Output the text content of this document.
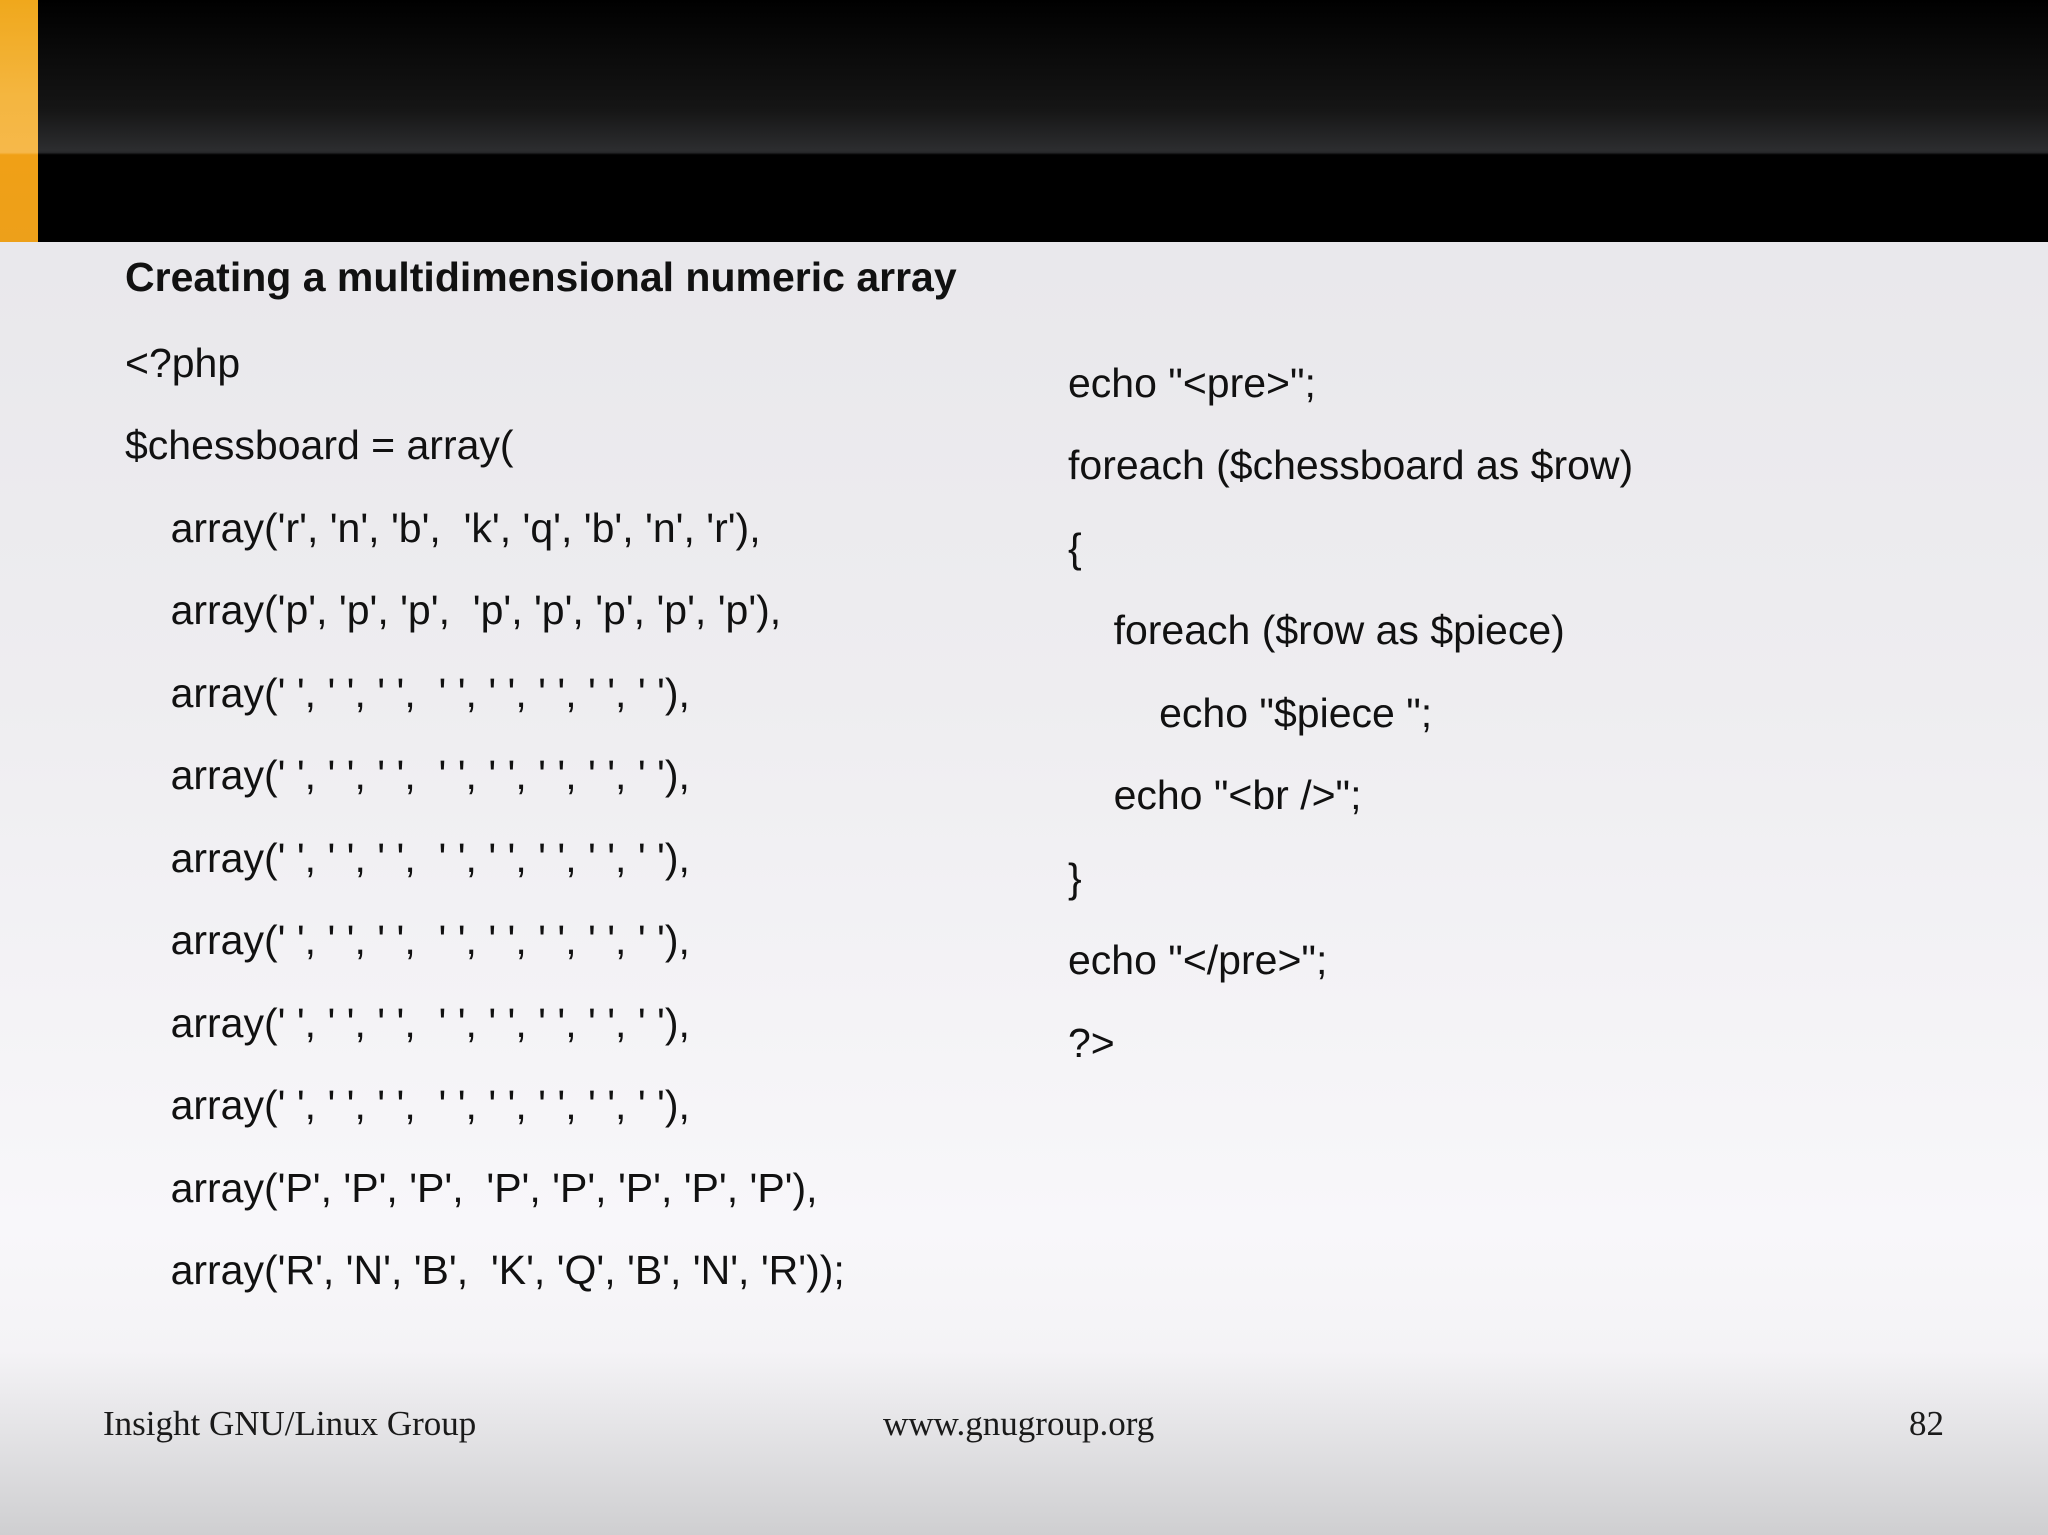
Creating a multidimensional numeric array
<?php
$chessboard = array(
array('r', 'n', 'b',  'k', 'q', 'b', 'n', 'r'),
array('p', 'p', 'p',  'p', 'p', 'p', 'p', 'p'),
array(' ', ' ', ' ',  ' ', ' ', ' ', ' ', ' '),
array(' ', ' ', ' ',  ' ', ' ', ' ', ' ', ' '),
array(' ', ' ', ' ',  ' ', ' ', ' ', ' ', ' '),
array(' ', ' ', ' ',  ' ', ' ', ' ', ' ', ' '),
array(' ', ' ', ' ',  ' ', ' ', ' ', ' ', ' '),
array(' ', ' ', ' ',  ' ', ' ', ' ', ' ', ' '),
array('P', 'P', 'P',  'P', 'P', 'P', 'P', 'P'),
array('R', 'N', 'B',  'K', 'Q', 'B', 'N', 'R'));
echo "<pre>";
foreach ($chessboard as $row)
{
foreach ($row as $piece)
echo "$piece ";
echo "<br />";
}
echo "</pre>";
?>
Insight GNU/Linux Group	www.gnugroup.org	82
